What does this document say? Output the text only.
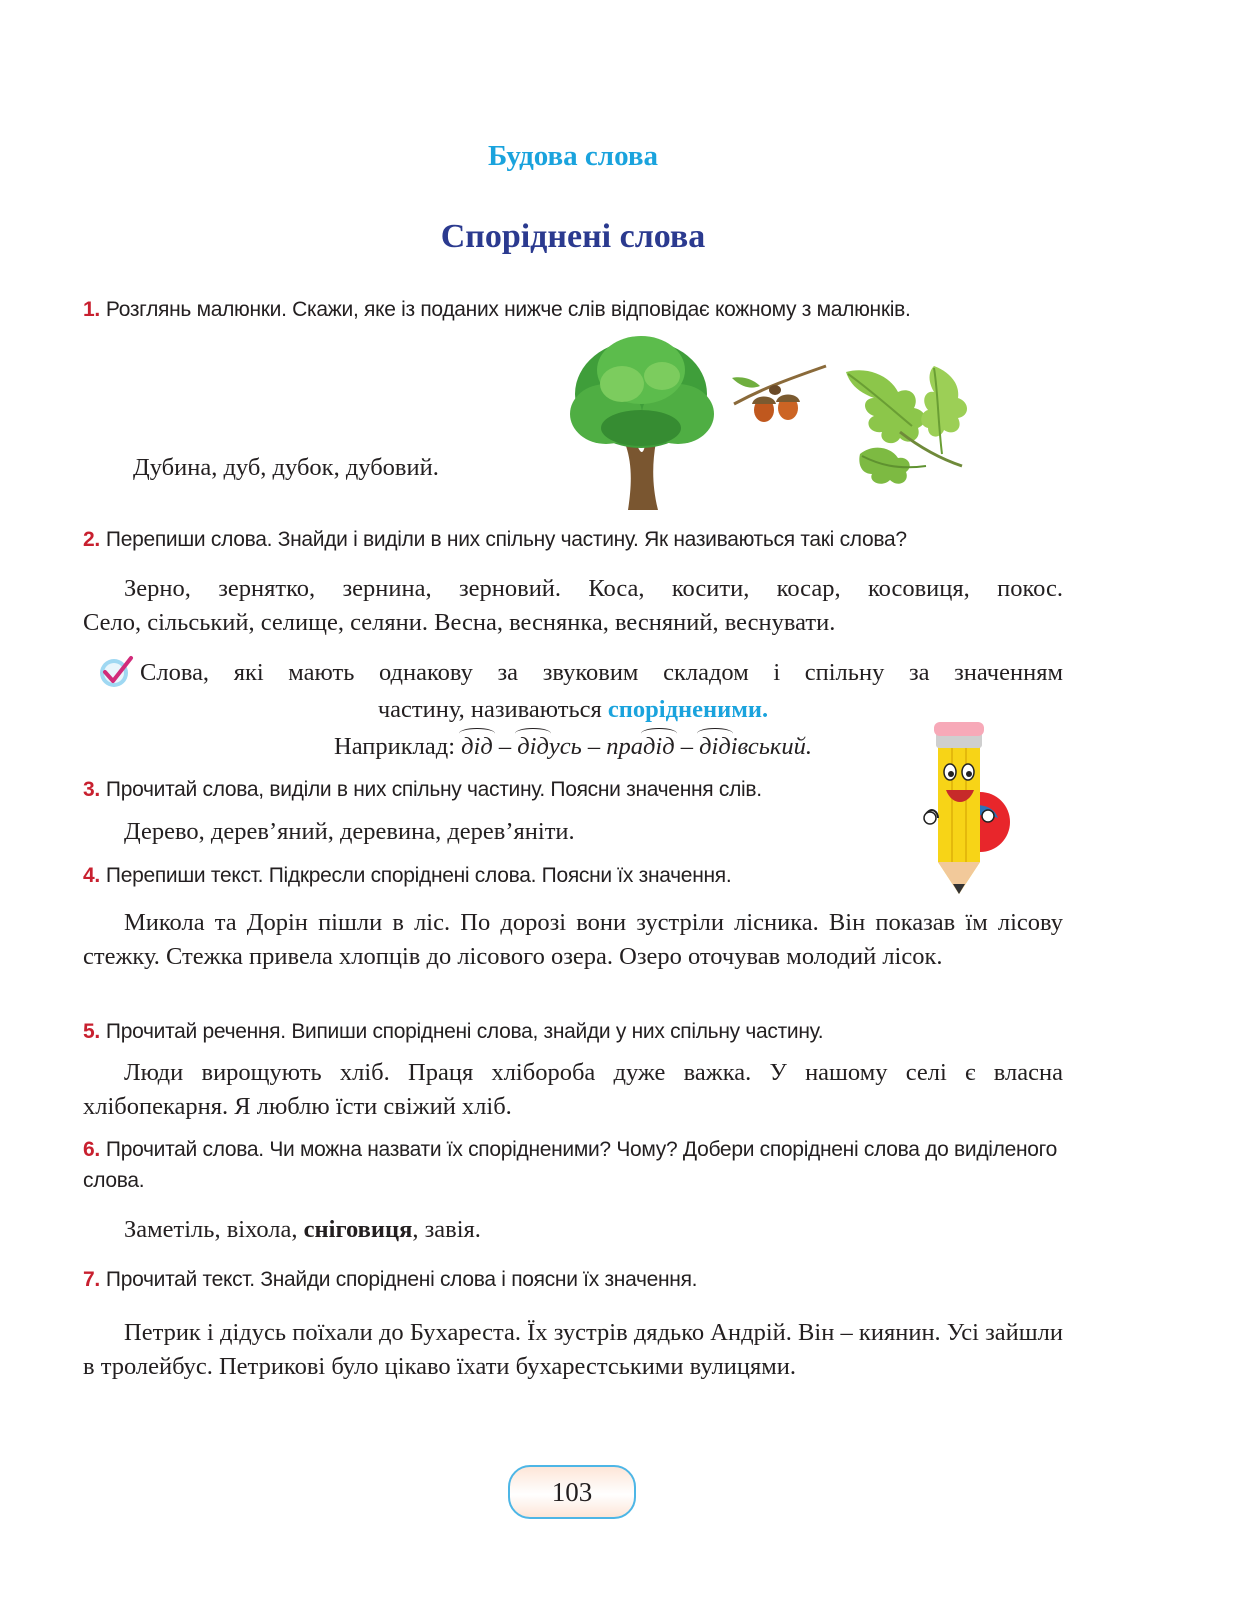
Будова слова
Споріднені слова
1. Розглянь малюнки. Скажи, яке із поданих нижче слів відповідає кожному з малюнків.
Дубина, дуб, дубок, дубовий.
2. Перепиши слова. Знайди і виділи в них спільну частину. Як називаються такі слова?
Зерно, зернятко, зернина, зерновий. Коса, косити, косар, косовиця, покос.
Село, сільський, селище, селяни. Весна, веснянка, весняний, веснувати.
Слова, які мають однакову за звуковим складом і спільну за значенням
частину, називаються спорідненими.
Наприклад: дід – дідусь – прадід – дідівський.
3. Прочитай слова, виділи в них спільну частину. Поясни значення слів.
Дерево, дерев’яний, деревина, дерев’яніти.
4. Перепиши текст. Підкресли споріднені слова. Поясни їх значення.
Микола та Дорін пішли в ліс. По дорозі вони зустріли лісника. Він показав їм лісову стежку. Стежка привела хлопців до лісового озера. Озеро оточував молодий лісок.
5. Прочитай речення. Випиши споріднені слова, знайди у них спільну частину.
Люди вирощують хліб. Праця хлібороба дуже важка. У нашому селі є власна хлібопекарня. Я люблю їсти свіжий хліб.
6. Прочитай слова. Чи можна назвати їх спорідненими? Чому? Добери споріднені слова до виділеного слова.
Заметіль, віхола, сніговиця, завія.
7. Прочитай текст. Знайди споріднені слова і поясни їх значення.
Петрик і дідусь поїхали до Бухареста. Їх зустрів дядько Андрій. Він – киянин. Усі зайшли в тролейбус. Петрикові було цікаво їхати бухарестськими вулицями.
103
